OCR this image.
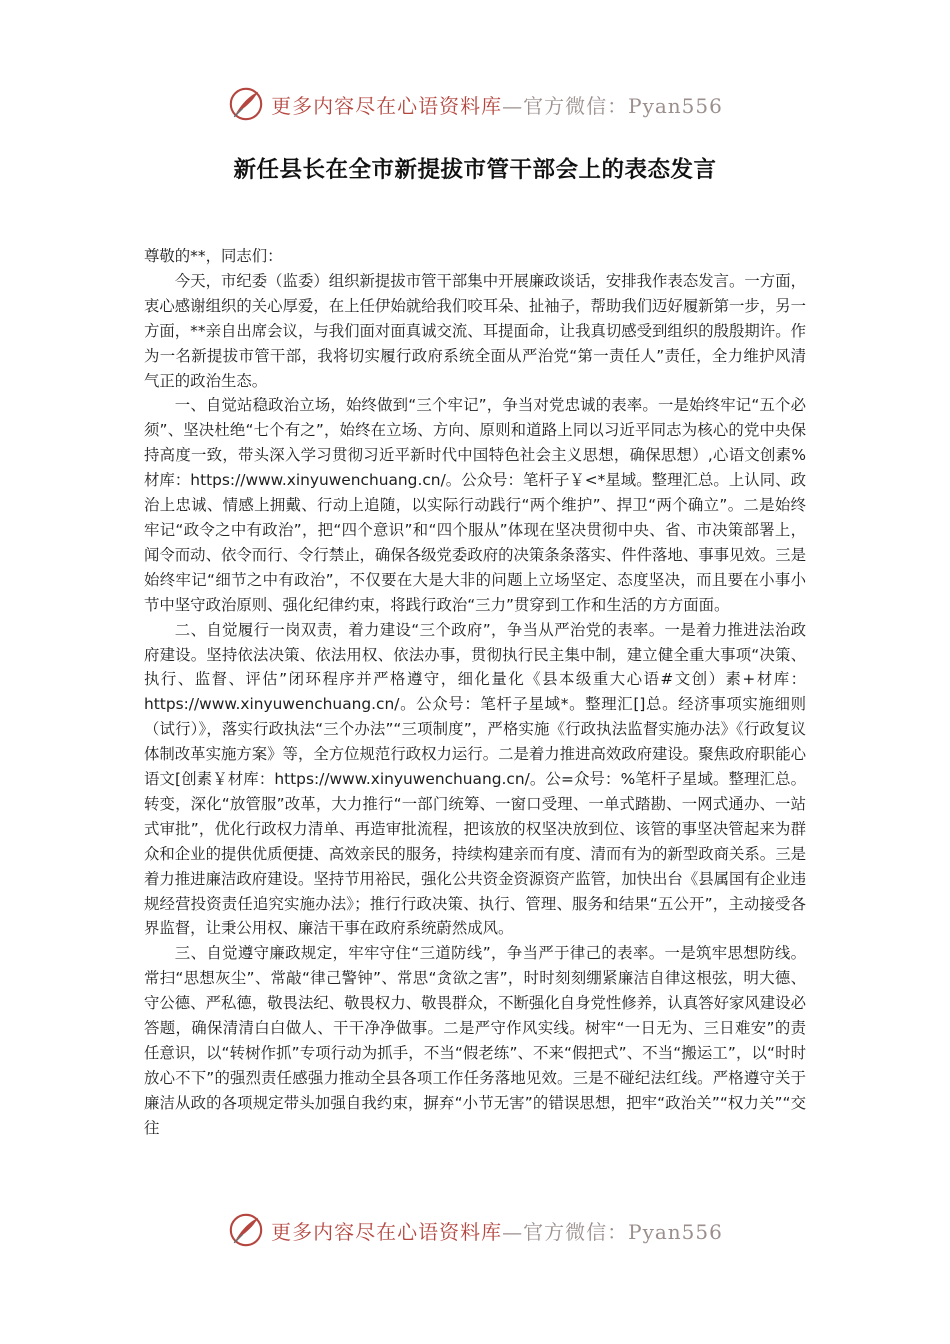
更多内容尽在心语资料库—官方微信：Pyan556
新任县长在全市新提拔市管干部会上的表态发言

尊敬的**，同志们：

今天，市纪委（监委）组织新提拔市管干部集中开展廉政谈话，安排我作表态发言。一方面，衷心感谢组织的关心厚爱，在上任伊始就给我们咬耳朵、扯袖子，帮助我们迈好履新第一步，另一方面，**亲自出席会议，与我们面对面真诚交流、耳提面命，让我真切感受到组织的殷殷期许。作为一名新提拔市管干部，我将切实履行政府系统全面从严治党“第一责任人”责任，全力维护风清气正的政治生态。

一、自觉站稳政治立场，始终做到“三个牢记”，争当对党忠诚的表率。一是始终牢记“五个必须”、坚决杜绝“七个有之”，始终在立场、方向、原则和道路上同以习近平同志为核心的党中央保持高度一致，带头深入学习贯彻习近平新时代中国特色社会主义思想，确保思想）,心语文创素%材库：https://www.xinyuwenchuang.cn/。公众号：笔杆子￥<*星域。整理汇总。上认同、政治上忠诚、情感上拥戴、行动上追随，以实际行动践行“两个维护”、捍卫“两个确立”。二是始终牢记“政令之中有政治”，把“四个意识”和“四个服从”体现在坚决贯彻中央、省、市决策部署上，闻令而动、依令而行、令行禁止，确保各级党委政府的决策条条落实、件件落地、事事见效。三是始终牢记“细节之中有政治”，不仅要在大是大非的问题上立场坚定、态度坚决，而且要在小事小节中坚守政治原则、强化纪律约束，将践行政治“三力”贯穿到工作和生活的方方面面。

二、自觉履行一岗双责，着力建设“三个政府”，争当从严治党的表率。一是着力推进法治政府建设。坚持依法决策、依法用权、依法办事，贯彻执行民主集中制，建立健全重大事项“决策、执行、监督、评估”闭环程序并严格遵守，细化量化《县本级重大心语#文创）素+材库：https://www.xinyuwenchuang.cn/。公众号：笔杆子星域*。整理汇[]总。经济事项实施细则（试行）》，落实行政执法“三个办法”“三项制度”，严格实施《行政执法监督实施办法》《行政复议体制改革实施方案》等，全方位规范行政权力运行。二是着力推进高效政府建设。聚焦政府职能心语文[创素￥材库：https://www.xinyuwenchuang.cn/。公=众号：%笔杆子星域。整理汇总。转变，深化“放管服”改革，大力推行“一部门统筹、一窗口受理、一单式踏勘、一网式通办、一站式审批”，优化行政权力清单、再造审批流程，把该放的权坚决放到位、该管的事坚决管起来为群众和企业的提供优质便捷、高效亲民的服务，持续构建亲而有度、清而有为的新型政商关系。三是着力推进廉洁政府建设。坚持节用裕民，强化公共资金资源资产监管，加快出台《县属国有企业违规经营投资责任追究实施办法》；推行行政决策、执行、管理、服务和结果“五公开”，主动接受各界监督，让秉公用权、廉洁干事在政府系统蔚然成风。

三、自觉遵守廉政规定，牢牢守住“三道防线”，争当严于律己的表率。一是筑牢思想防线。常扫“思想灰尘”、常敲“律己警钟”、常思“贪欲之害”，时时刻刻绷紧廉洁自律这根弦，明大德、守公德、严私德，敬畏法纪、敬畏权力、敬畏群众，不断强化自身党性修养，认真答好家风建设必答题，确保清清白白做人、干干净净做事。二是严守作风实线。树牢“一日无为、三日难安”的责任意识，以“转树作抓”专项行动为抓手，不当“假老练”、不来“假把式”、不当“搬运工”，以“时时放心不下”的强烈责任感强力推动全县各项工作任务落地见效。三是不碰纪法红线。严格遵守关于廉洁从政的各项规定带头加强自我约束，摒弃“小节无害”的错误思想，把牢“政治关”“权力关”“交往

更多内容尽在心语资料库—官方微信：Pyan556
